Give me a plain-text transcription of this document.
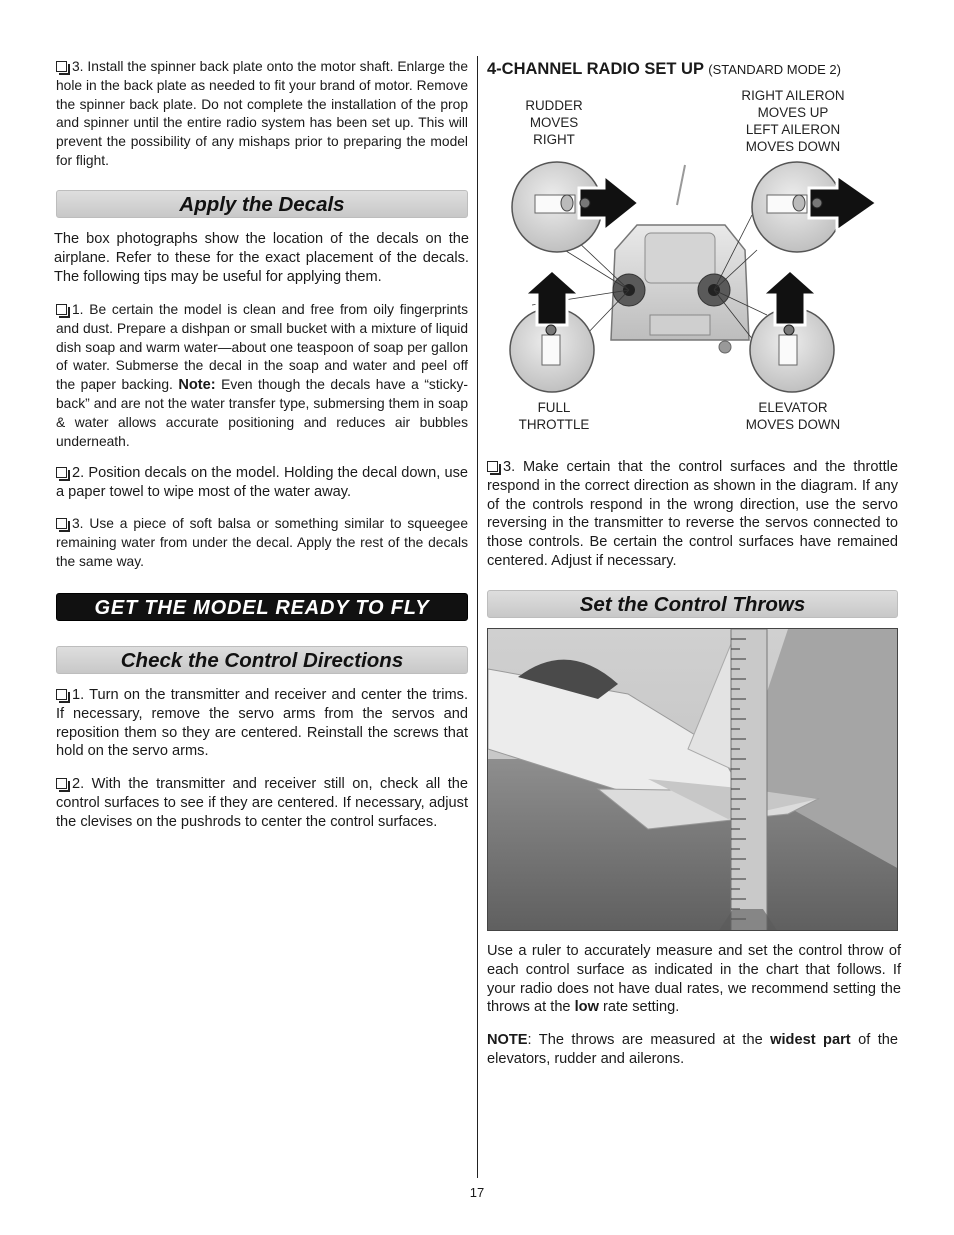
3. Install the spinner back plate onto the motor shaft. Enlarge the hole in the back plate as needed to fit your brand of motor. Remove the spinner back plate. Do not complete the installation of the prop and spinner until the entire radio system has been set up. This will prevent the possibility of any mishaps prior to preparing the model for flight.

Apply the Decals

The box photographs show the location of the decals on the airplane. Refer to these for the exact placement of the decals. The following tips may be useful for applying them.

1. Be certain the model is clean and free from oily fingerprints and dust. Prepare a dishpan or small bucket with a mixture of liquid dish soap and warm water—about one teaspoon of soap per gallon of water. Submerse the decal in the soap and water and peel off the paper backing. Note: Even though the decals have a “sticky-back” and are not the water transfer type, submersing them in soap & water allows accurate positioning and reduces air bubbles underneath.

2. Position decals on the model. Holding the decal down, use a paper towel to wipe most of the water away.

3. Use a piece of soft balsa or something similar to squeegee remaining water from under the decal. Apply the rest of the decals the same way.

GET THE MODEL READY TO FLY
Check the Control Directions

1. Turn on the transmitter and receiver and center the trims. If necessary, remove the servo arms from the servos and reposition them so they are centered. Reinstall the screws that hold on the servo arms.

2. With the transmitter and receiver still on, check all the control surfaces to see if they are centered. If necessary, adjust the clevises on the pushrods to center the control surfaces.

4-CHANNEL RADIO SET UP (STANDARD MODE 2)
RUDDER
MOVES
RIGHT
RIGHT AILERON
MOVES UP
LEFT AILERON
MOVES DOWN
FULL
THROTTLE
ELEVATOR
MOVES DOWN

3. Make certain that the control surfaces and the throttle respond in the correct direction as shown in the diagram. If any of the controls respond in the wrong direction, use the servo reversing in the transmitter to reverse the servos connected to those controls. Be certain the control surfaces have remained centered. Adjust if necessary.

Set the Control Throws

Use a ruler to accurately measure and set the control throw of each control surface as indicated in the chart that follows. If your radio does not have dual rates, we recommend setting the throws at the low rate setting.

NOTE: The throws are measured at the widest part of the elevators, rudder and ailerons.

17
